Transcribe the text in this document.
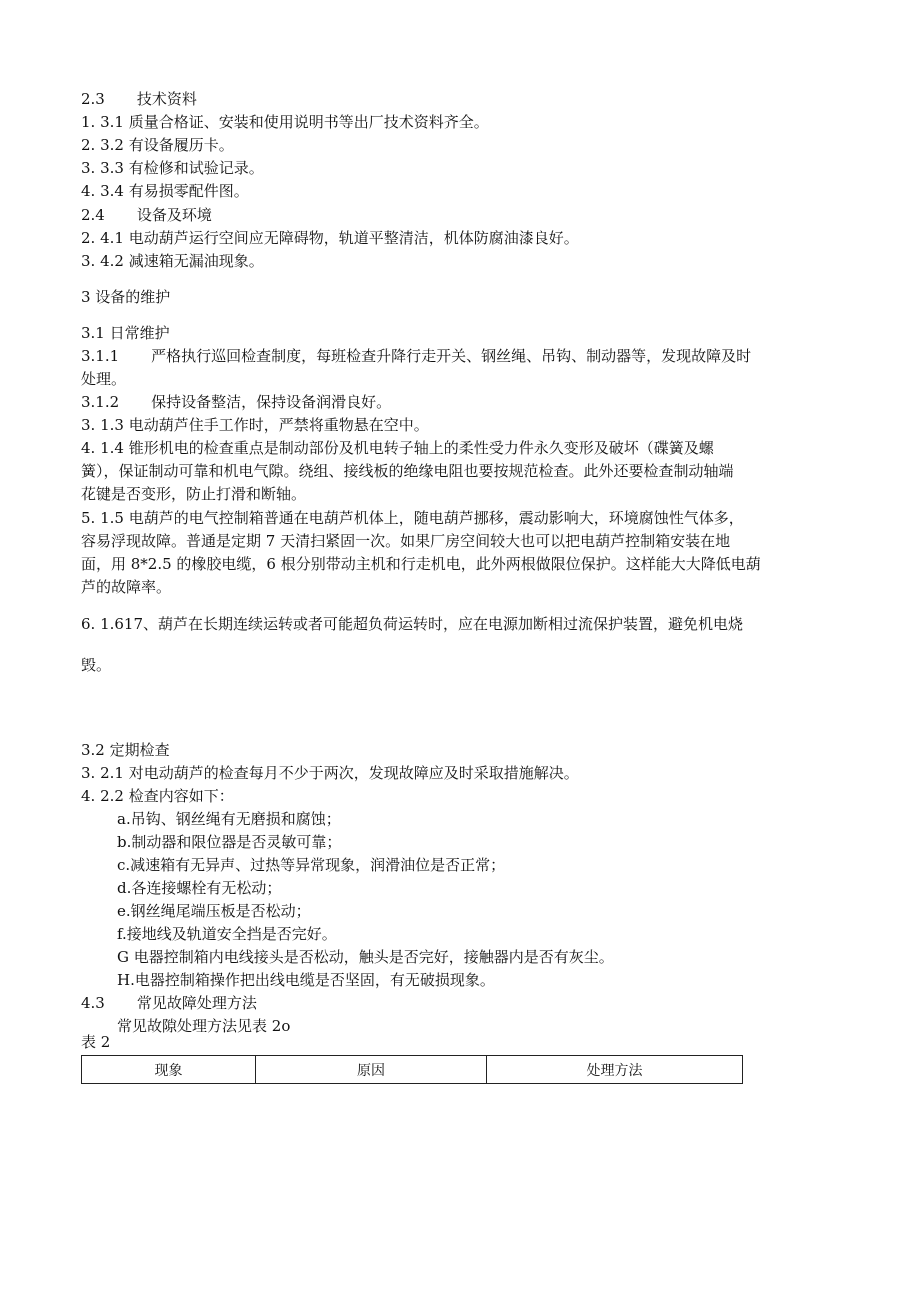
2.3 技术资料
1. 3.1 质量合格证、安装和使用说明书等出厂技术资料齐全。
2. 3.2 有设备履历卡。
3. 3.3 有检修和试验记录。
4. 3.4 有易损零配件图。
2.4 设备及环境
2. 4.1 电动葫芦运行空间应无障碍物，轨道平整清洁，机体防腐油漆良好。
3. 4.2 减速箱无漏油现象。
3 设备的维护
3.1 日常维护
3.1.1 严格执行巡回检查制度，每班检查升降行走开关、钢丝绳、吊钩、制动器等，发现故障及时
处理。
3.1.2 保持设备整洁，保持设备润滑良好。
3. 1.3 电动葫芦住手工作时，严禁将重物悬在空中。
4. 1.4 锥形机电的检查重点是制动部份及机电转子轴上的柔性受力件永久变形及破坏（碟簧及螺
簧），保证制动可靠和机电气隙。绕组、接线板的绝缘电阻也要按规范检查。此外还要检查制动轴端
花键是否变形，防止打滑和断轴。
5. 1.5 电葫芦的电气控制箱普通在电葫芦机体上，随电葫芦挪移，震动影响大，环境腐蚀性气体多，
容易浮现故障。普通是定期 7 天清扫紧固一次。如果厂房空间较大也可以把电葫芦控制箱安装在地
面，用 8*2.5 的橡胶电缆，6 根分别带动主机和行走机电，此外两根做限位保护。这样能大大降低电葫
芦的故障率。
6. 1.617、葫芦在长期连续运转或者可能超负荷运转时，应在电源加断相过流保护装置，避免机电烧
毁。
3.2 定期检查
3. 2.1 对电动葫芦的检查每月不少于两次，发现故障应及时采取措施解决。
4. 2.2 检查内容如下：
a.吊钩、钢丝绳有无磨损和腐蚀；
b.制动器和限位器是否灵敏可靠；
c.减速箱有无异声、过热等异常现象，润滑油位是否正常；
d.各连接螺栓有无松动；
e.钢丝绳尾端压板是否松动；
f.接地线及轨道安全挡是否完好。
G 电器控制箱内电线接头是否松动，触头是否完好，接触器内是否有灰尘。
H.电器控制箱操作把出线电缆是否坚固，有无破损现象。
4.3 常见故障处理方法
常见故隙处理方法见表 2o
表 2
现象	原因	处理方法
